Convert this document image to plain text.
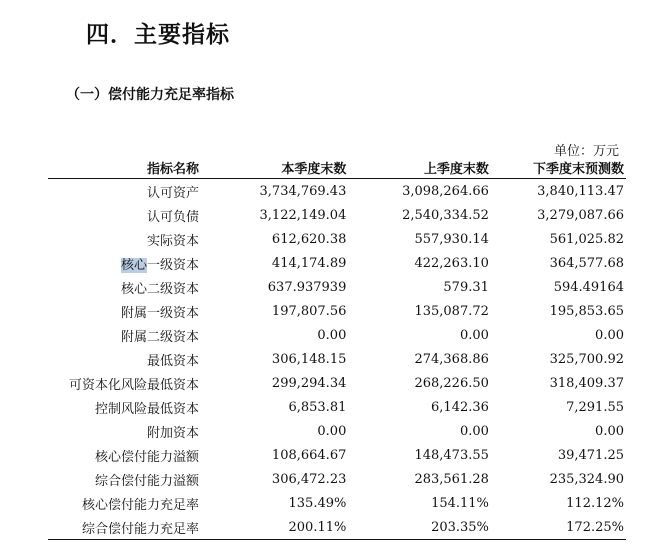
四．主要指标
（一）偿付能力充足率指标
单位：万元
指标名称	本季度末数	上季度末数	下季度末预测数
认可资产	3,734,769.43	3,098,264.66	3,840,113.47
认可负债	3,122,149.04	2,540,334.52	3,279,087.66
实际资本	612,620.38	557,930.14	561,025.82
核心一级资本	414,174.89	422,263.10	364,577.68
核心二级资本	637.937939	579.31	594.49164
附属一级资本	197,807.56	135,087.72	195,853.65
附属二级资本	0.00	0.00	0.00
最低资本	306,148.15	274,368.86	325,700.92
可资本化风险最低资本	299,294.34	268,226.50	318,409.37
控制风险最低资本	6,853.81	6,142.36	7,291.55
附加资本	0.00	0.00	0.00
核心偿付能力溢额	108,664.67	148,473.55	39,471.25
综合偿付能力溢额	306,472.23	283,561.28	235,324.90
核心偿付能力充足率	135.49%	154.11%	112.12%
综合偿付能力充足率	200.11%	203.35%	172.25%
